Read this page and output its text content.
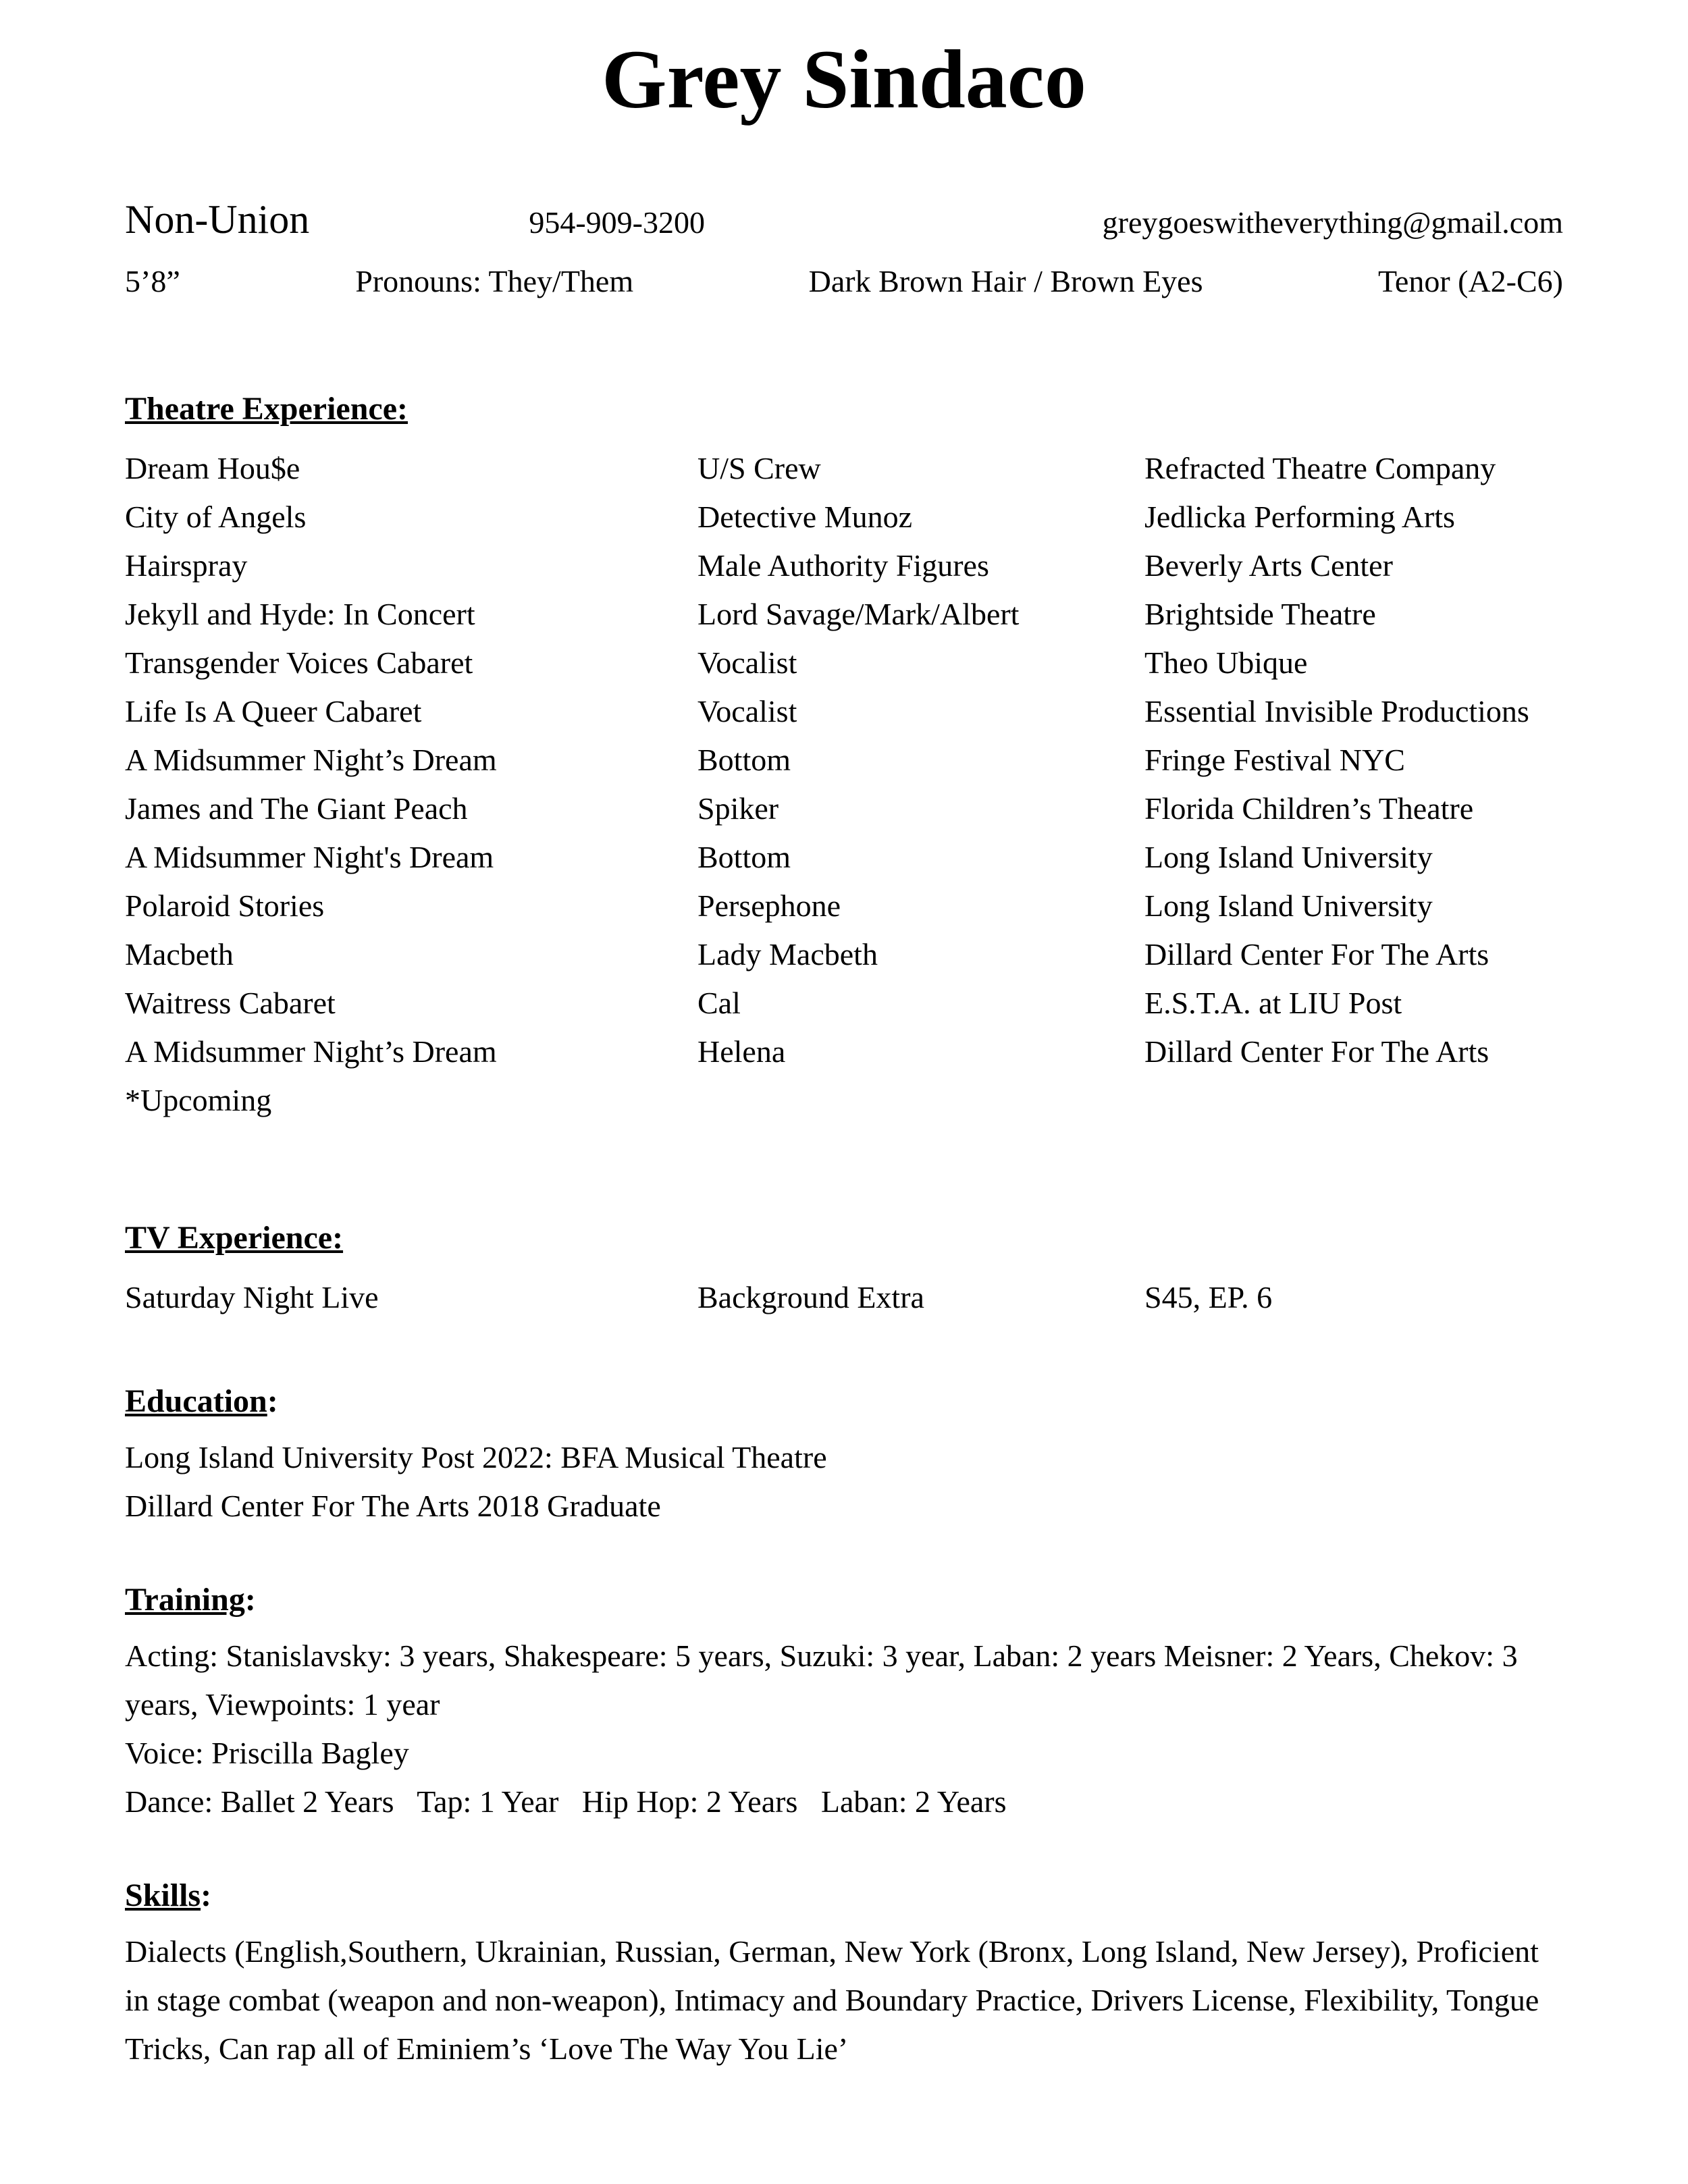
Grey Sindaco
Non-Union	954-909-3200	greygoeswitheverything@gmail.com
5’8”	Pronouns: They/Them	Dark Brown Hair / Brown Eyes	Tenor (A2-C6)
Theatre Experience:
Dream Hou$e	U/S Crew	Refracted Theatre Company
City of Angels	Detective Munoz	Jedlicka Performing Arts
Hairspray	Male Authority Figures	Beverly Arts Center
Jekyll and Hyde: In Concert	Lord Savage/Mark/Albert	Brightside Theatre
Transgender Voices Cabaret	Vocalist	Theo Ubique
Life Is A Queer Cabaret	Vocalist	Essential Invisible Productions
A Midsummer Night’s Dream	Bottom	Fringe Festival NYC
James and The Giant Peach	Spiker	Florida Children’s Theatre
A Midsummer Night's Dream	Bottom	Long Island University
Polaroid Stories	Persephone	Long Island University
Macbeth	Lady Macbeth	Dillard Center For The Arts
Waitress Cabaret	Cal	E.S.T.A. at LIU Post
A Midsummer Night’s Dream	Helena	Dillard Center For The Arts
*Upcoming
TV Experience:
Saturday Night Live	Background Extra	S45, EP. 6
Education:
Long Island University Post 2022: BFA Musical Theatre
Dillard Center For The Arts 2018 Graduate
Training:
Acting: Stanislavsky: 3 years, Shakespeare: 5 years, Suzuki: 3 year, Laban: 2 years Meisner: 2 Years, Chekov: 3 years, Viewpoints: 1 year
Voice: Priscilla Bagley
Dance: Ballet 2 Years   Tap: 1 Year   Hip Hop: 2 Years   Laban: 2 Years
Skills:
Dialects (English,Southern, Ukrainian, Russian, German, New York (Bronx, Long Island, New Jersey), Proficient in stage combat (weapon and non-weapon), Intimacy and Boundary Practice, Drivers License, Flexibility, Tongue Tricks, Can rap all of Eminiem’s ‘Love The Way You Lie’
